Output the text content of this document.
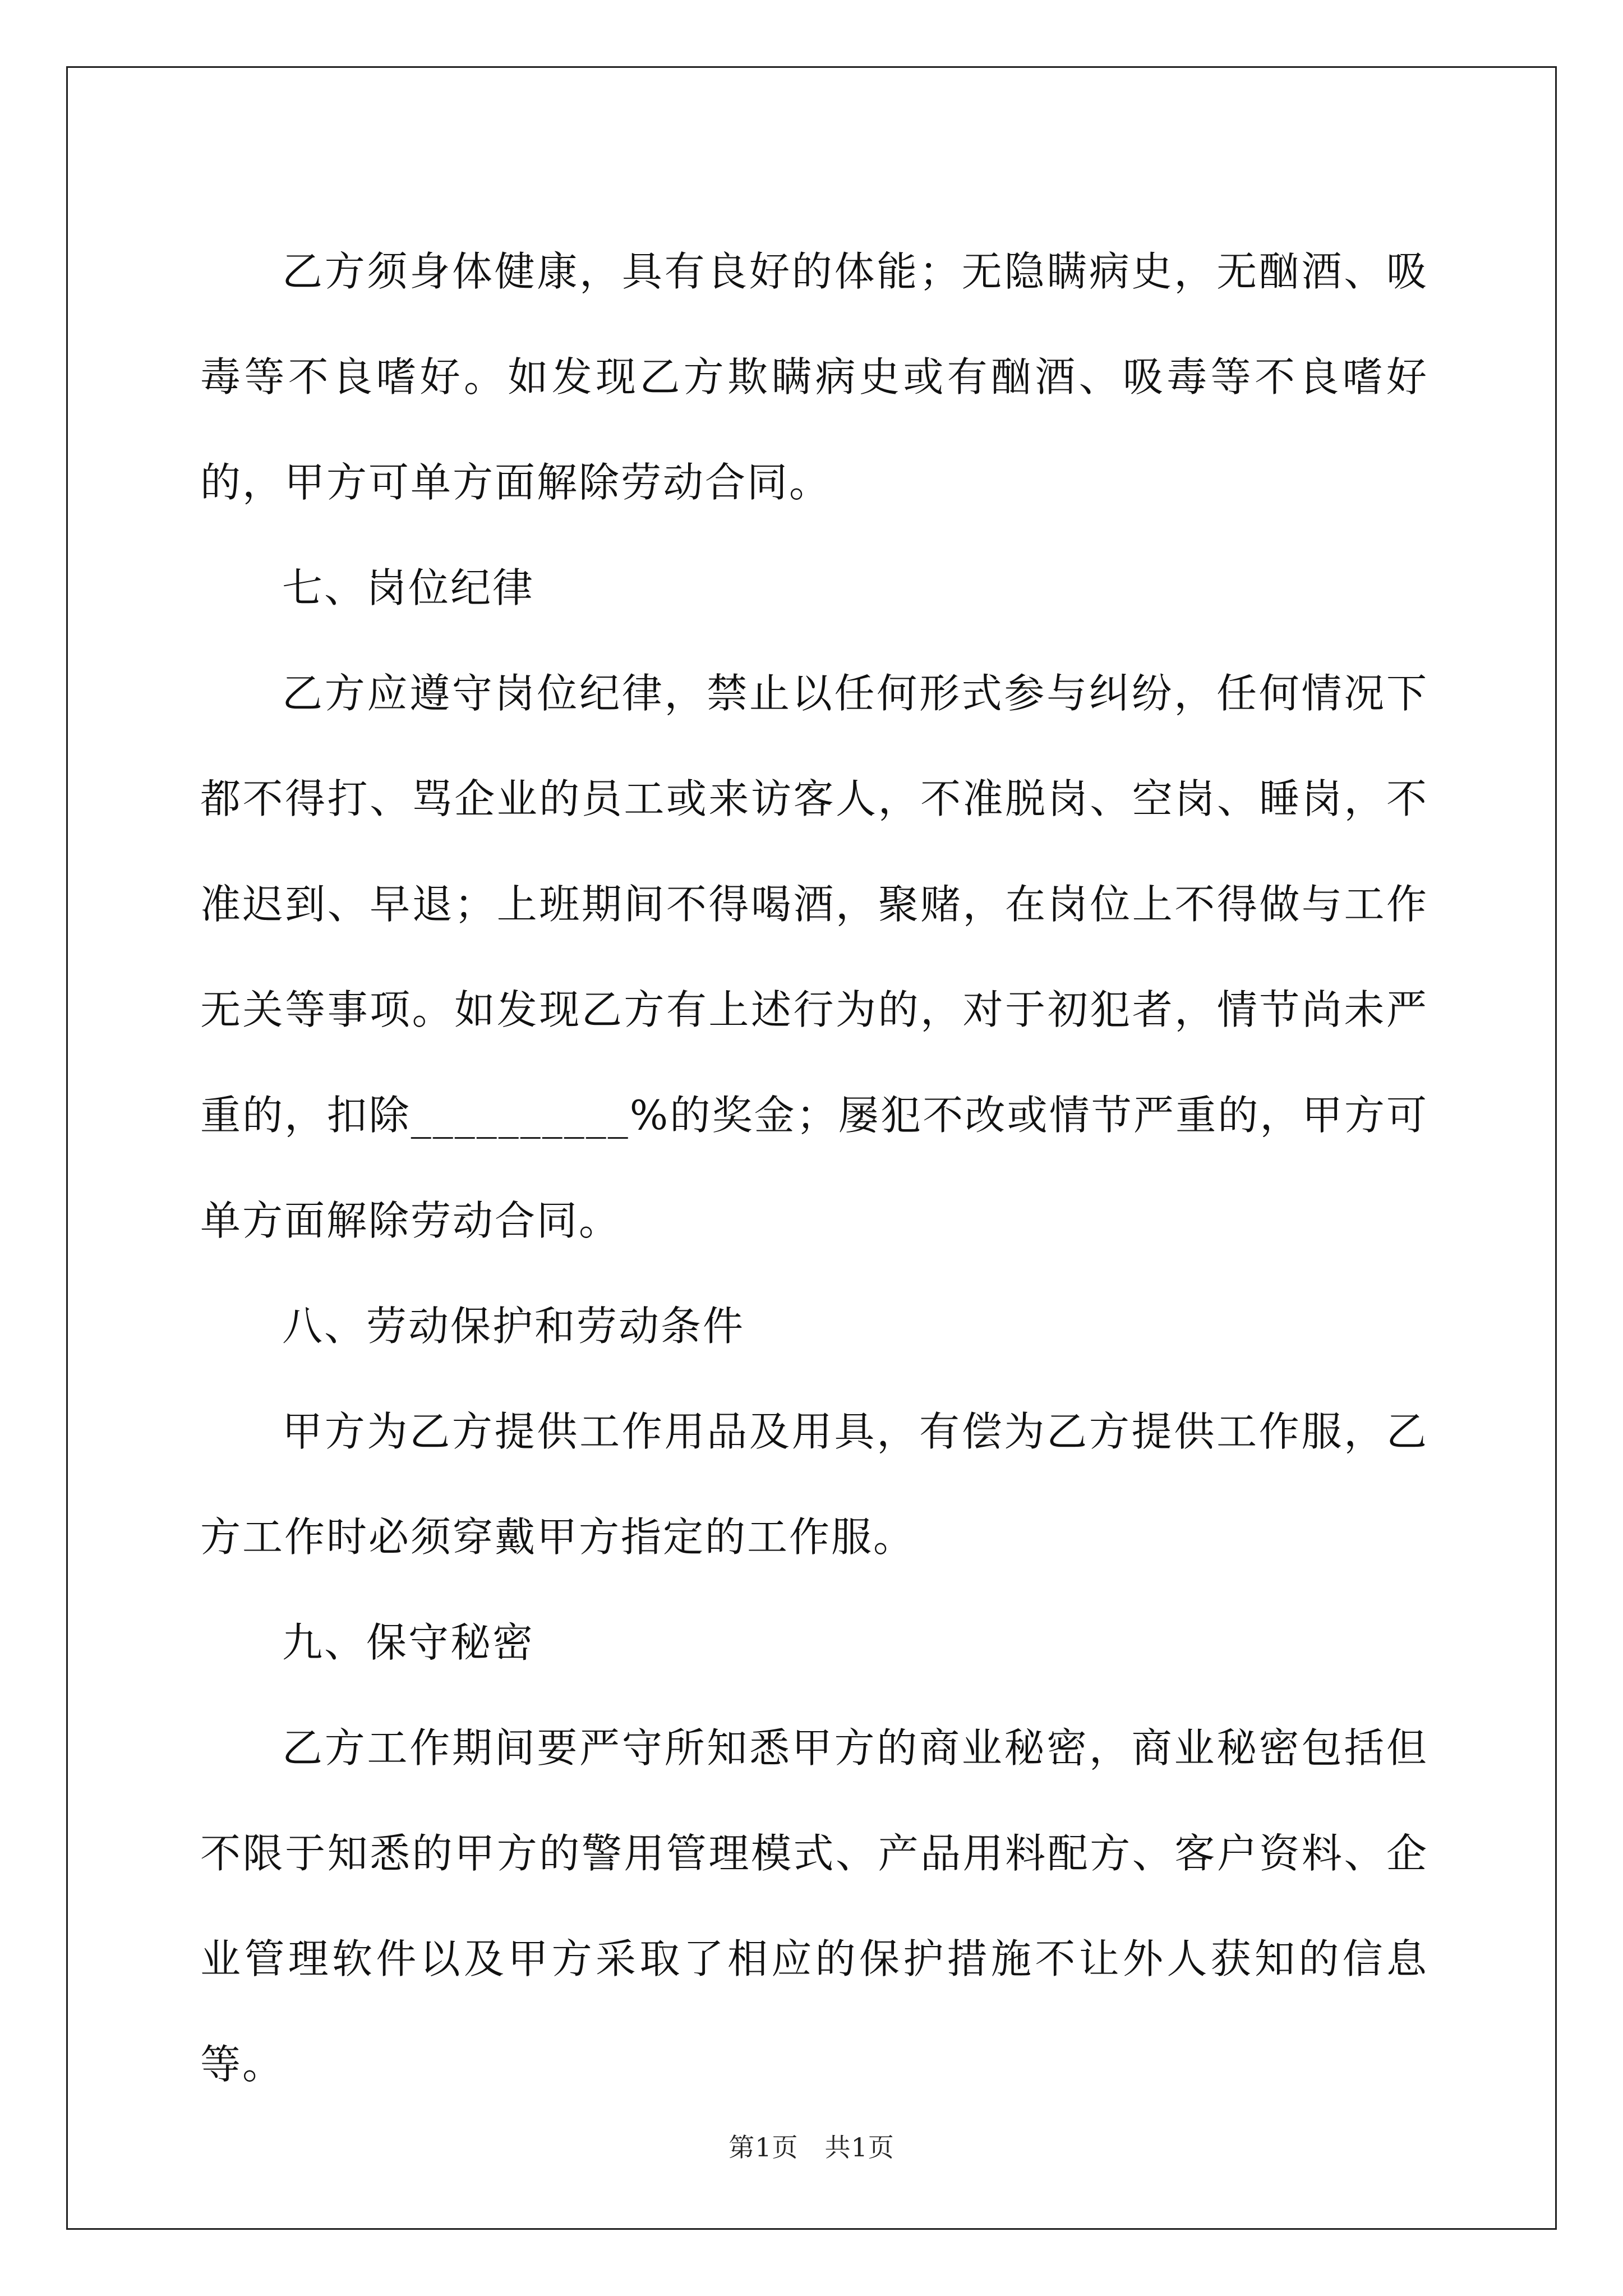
乙方须身体健康，具有良好的体能；无隐瞒病史，无酗酒、吸毒等不良嗜好。如发现乙方欺瞒病史或有酗酒、吸毒等不良嗜好的，甲方可单方面解除劳动合同。

七、岗位纪律

乙方应遵守岗位纪律，禁止以任何形式参与纠纷，任何情况下都不得打、骂企业的员工或来访客人，不准脱岗、空岗、睡岗，不准迟到、早退；上班期间不得喝酒，聚赌，在岗位上不得做与工作无关等事项。如发现乙方有上述行为的，对于初犯者，情节尚未严重的，扣除__________%的奖金；屡犯不改或情节严重的，甲方可单方面解除劳动合同。

八、劳动保护和劳动条件

甲方为乙方提供工作用品及用具，有偿为乙方提供工作服，乙方工作时必须穿戴甲方指定的工作服。

九、保守秘密

乙方工作期间要严守所知悉甲方的商业秘密，商业秘密包括但不限于知悉的甲方的警用管理模式、产品用料配方、客户资料、企业管理软件以及甲方采取了相应的保护措施不让外人获知的信息等。

第1页　共1页
